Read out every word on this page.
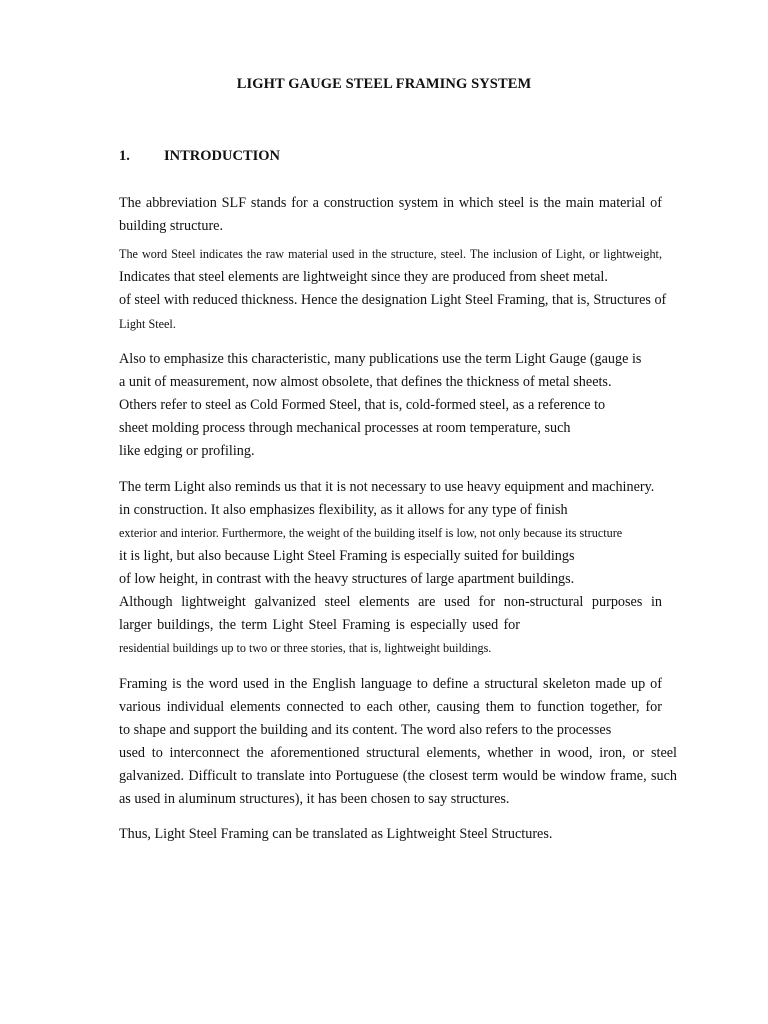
LIGHT GAUGE STEEL FRAMING SYSTEM
1. INTRODUCTION
The abbreviation SLF stands for a construction system in which steel is the main material of
building structure.
The word Steel indicates the raw material used in the structure, steel. The inclusion of Light, or lightweight,
Indicates that steel elements are lightweight since they are produced from sheet metal.
of steel with reduced thickness. Hence the designation Light Steel Framing, that is, Structures of
Light Steel.
Also to emphasize this characteristic, many publications use the term Light Gauge (gauge is
a unit of measurement, now almost obsolete, that defines the thickness of metal sheets.
Others refer to steel as Cold Formed Steel, that is, cold-formed steel, as a reference to
sheet molding process through mechanical processes at room temperature, such
like edging or profiling.
The term Light also reminds us that it is not necessary to use heavy equipment and machinery.
in construction. It also emphasizes flexibility, as it allows for any type of finish
exterior and interior. Furthermore, the weight of the building itself is low, not only because its structure
it is light, but also because Light Steel Framing is especially suited for buildings
of low height, in contrast with the heavy structures of large apartment buildings.
Although lightweight galvanized steel elements are used for non-structural purposes in
larger buildings, the term Light Steel Framing is especially used for
residential buildings up to two or three stories, that is, lightweight buildings.
Framing is the word used in the English language to define a structural skeleton made up of
various individual elements connected to each other, causing them to function together, for
to shape and support the building and its content. The word also refers to the processes
used to interconnect the aforementioned structural elements, whether in wood, iron, or steel
galvanized. Difficult to translate into Portuguese (the closest term would be window frame, such
as used in aluminum structures), it has been chosen to say structures.
Thus, Light Steel Framing can be translated as Lightweight Steel Structures.
